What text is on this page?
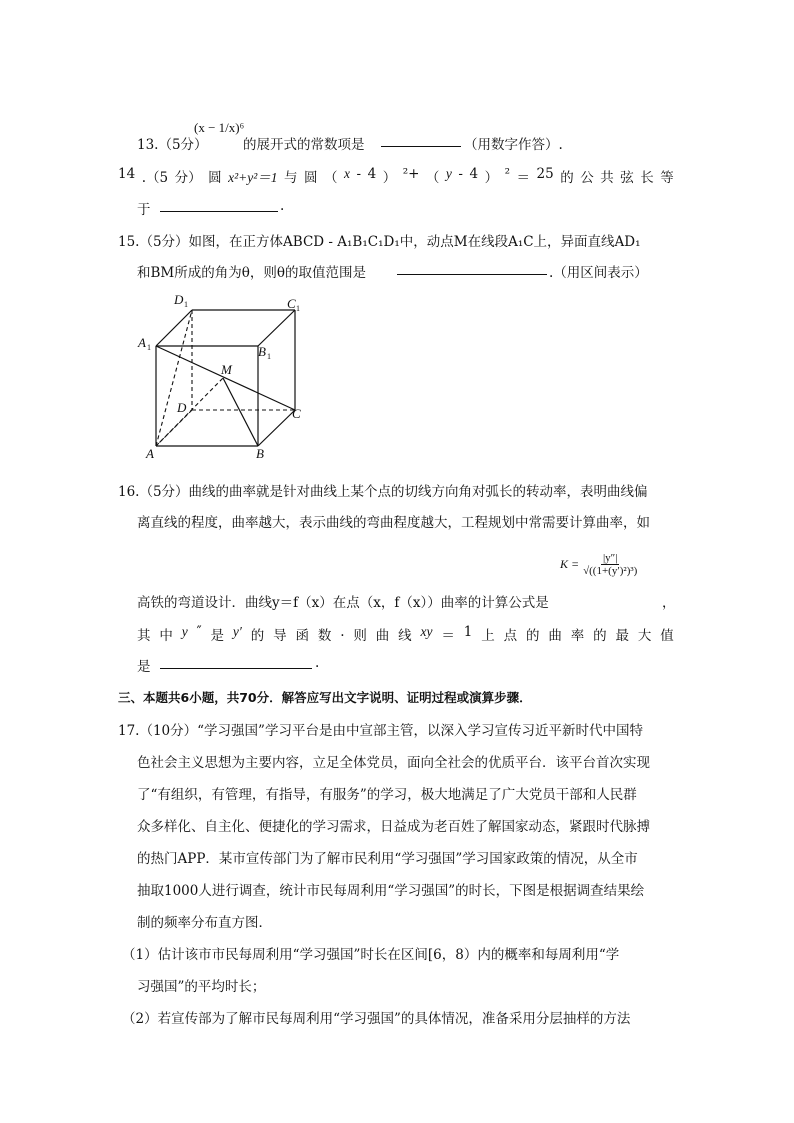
13.（5分）
(x − 1/x)⁶
的展开式的常数项是	（用数字作答）.
14 .（5 分） 圆 x²+y²＝1 与 圆 （ x - 4 ） ²+ （ y - 4 ） ² ＝ 25 的 公 共 弦 长 等
于	.
15.（5分）如图，在正方体ABCD - A₁B₁C₁D₁中，动点M在线段A₁C上，异面直线AD₁
和BM所成的角为θ，则θ的取值范围是	.（用区间表示）
D 1	C 1
A 1	B 1
M
D	C
A	B
16.（5分）曲线的曲率就是针对曲线上某个点的切线方向角对弧长的转动率，表明曲线偏
离直线的程度，曲率越大，表示曲线的弯曲程度越大，工程规划中常需要计算曲率，如
$K = \frac{|y''|}{\text{√((1+(y′)²)³)}}$
高铁的弯道设计．曲线y＝f（x）在点（x，f（x））曲率的计算公式是	，
其 中 y ″ 是 y′ 的 导 函 数 . 则 曲 线 xy ＝ 1 上 点 的 曲 率 的 最 大 值
是	.
三、本题共6小题，共70分．解答应写出文字说明、证明过程或演算步骤．
17.（10分）“学习强国”学习平台是由中宣部主管，以深入学习宣传习近平新时代中国特
色社会主义思想为主要内容，立足全体党员，面向全社会的优质平台．该平台首次实现
了“有组织，有管理，有指导，有服务”的学习，极大地满足了广大党员干部和人民群
众多样化、自主化、便捷化的学习需求，日益成为老百姓了解国家动态，紧跟时代脉搏
的热门APP．某市宣传部门为了解市民利用“学习强国”学习国家政策的情况，从全市
抽取1000人进行调查，统计市民每周利用“学习强国”的时长，下图是根据调查结果绘
制的频率分布直方图．
（1）估计该市市民每周利用“学习强国”时长在区间[6，8）内的概率和每周利用“学
习强国”的平均时长；
（2）若宣传部为了解市民每周利用“学习强国”的具体情况，准备采用分层抽样的方法
